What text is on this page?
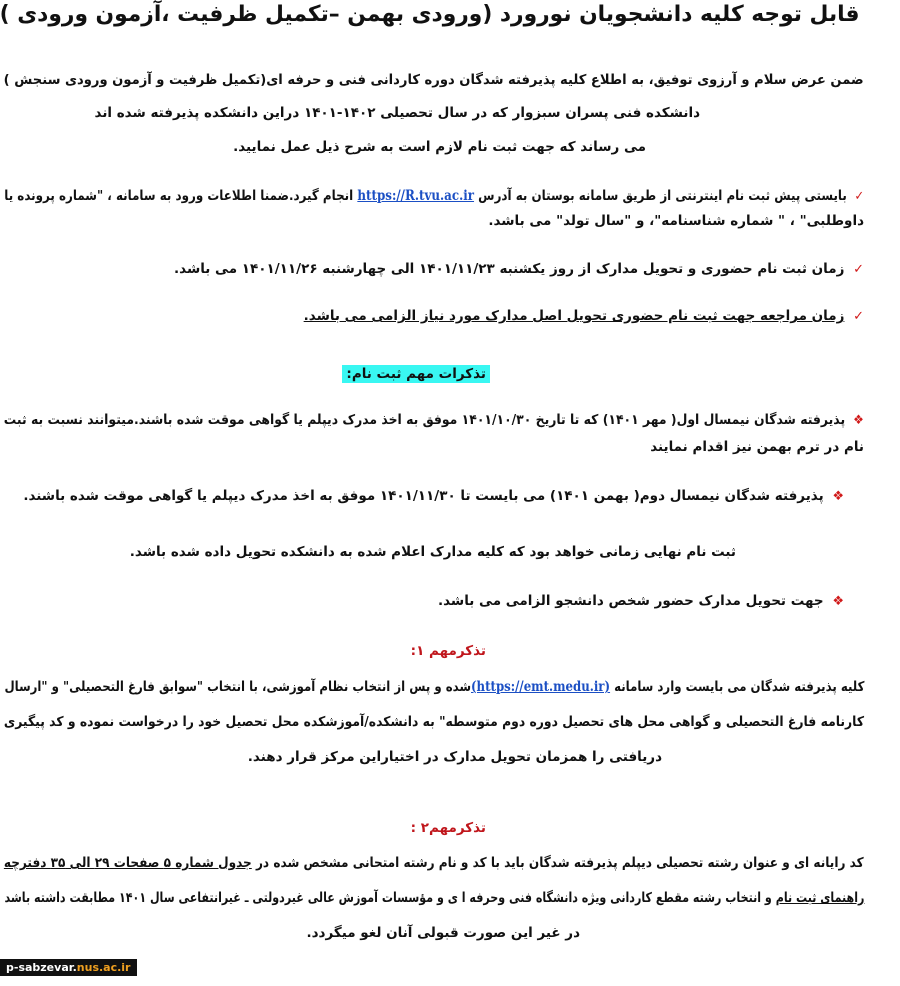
قابل توجه کلیه دانشجویان نورورد (ورودی بهمن –تکمیل ظرفیت ،آزمون ورودی )
ضمن عرض سلام و آرزوی توفیق، به اطلاع کلیه پذیرفته شدگان دوره کاردانی فنی و حرفه ای(تکمیل ظرفیت و آزمون ورودی سنجش )
دانشکده فنی پسران سبزوار که در سال تحصیلی ۱۴۰۲-۱۴۰۱ دراین دانشکده پذیرفته شده اند
می رساند که جهت ثبت نام لازم است به شرح ذیل عمل نمایید.
✓ بایستی پیش ثبت نام اینترنتی از طریق سامانه بوستان به آدرس https://R.tvu.ac.ir انجام گیرد.ضمنا اطلاعات ورود به سامانه ، "شماره پرونده یا
داوطلبی" ، " شماره شناسنامه"، و "سال تولد" می باشد.
✓ زمان ثبت نام حضوری و تحویل مدارک از روز یکشنبه ۱۴۰۱/۱۱/۲۳ الی چهارشنبه ۱۴۰۱/۱۱/۲۶ می باشد.
✓ زمان مراجعه جهت ثبت نام حضوری تحویل اصل مدارک مورد نیاز الزامی می باشد.
تذکرات مهم ثبت نام:
❖ پذیرفته شدگان نیمسال اول( مهر ۱۴۰۱) که تا تاریخ ۱۴۰۱/۱۰/۳۰ موفق به اخذ مدرک دیپلم یا گواهی موقت شده باشند.میتوانند نسبت به ثبت
نام در ترم بهمن نیز اقدام نمایند
❖ پذیرفته شدگان نیمسال دوم( بهمن ۱۴۰۱) می بایست تا ۱۴۰۱/۱۱/۳۰ موفق به اخذ مدرک دیپلم یا گواهی موقت شده باشند.
ثبت نام نهایی زمانی خواهد بود که کلیه مدارک اعلام شده به دانشکده تحویل داده شده باشد.
❖ جهت تحویل مدارک حضور شخص دانشجو الزامی می باشد.
تذکرمهم ۱:
کلیه پذیرفته شدگان می بایست وارد سامانه (https://emt.medu.ir)شده و پس از انتخاب نظام آموزشی، با انتخاب "سوابق فارغ التحصیلی" و "ارسال
کارنامه فارغ التحصیلی و گواهی محل های تحصیل دوره دوم متوسطه" به دانشکده/آموزشکده محل تحصیل خود را درخواست نموده و کد پیگیری
دریافتی را همزمان تحویل مدارک در اختیاراین مرکز قرار دهند.
تذکرمهم۲ :
کد رایانه ای و عنوان رشته تحصیلی دیپلم پذیرفته شدگان باید با کد و نام رشته امتحانی مشخص شده در جدول شماره ۵ صفحات ۲۹ الی ۳۵ دفترچه
راهنمای ثبت نام و انتخاب رشته مقطع کاردانی ویژه دانشگاه فنی وحرفه ا ی و مؤسسات آموزش عالی غیردولتی ـ غیرانتفاعی سال ۱۴۰۱ مطابقت داشته باشد
در غیر این صورت قبولی آنان لغو میگردد.
p-sabzevar.nus.ac.ir
